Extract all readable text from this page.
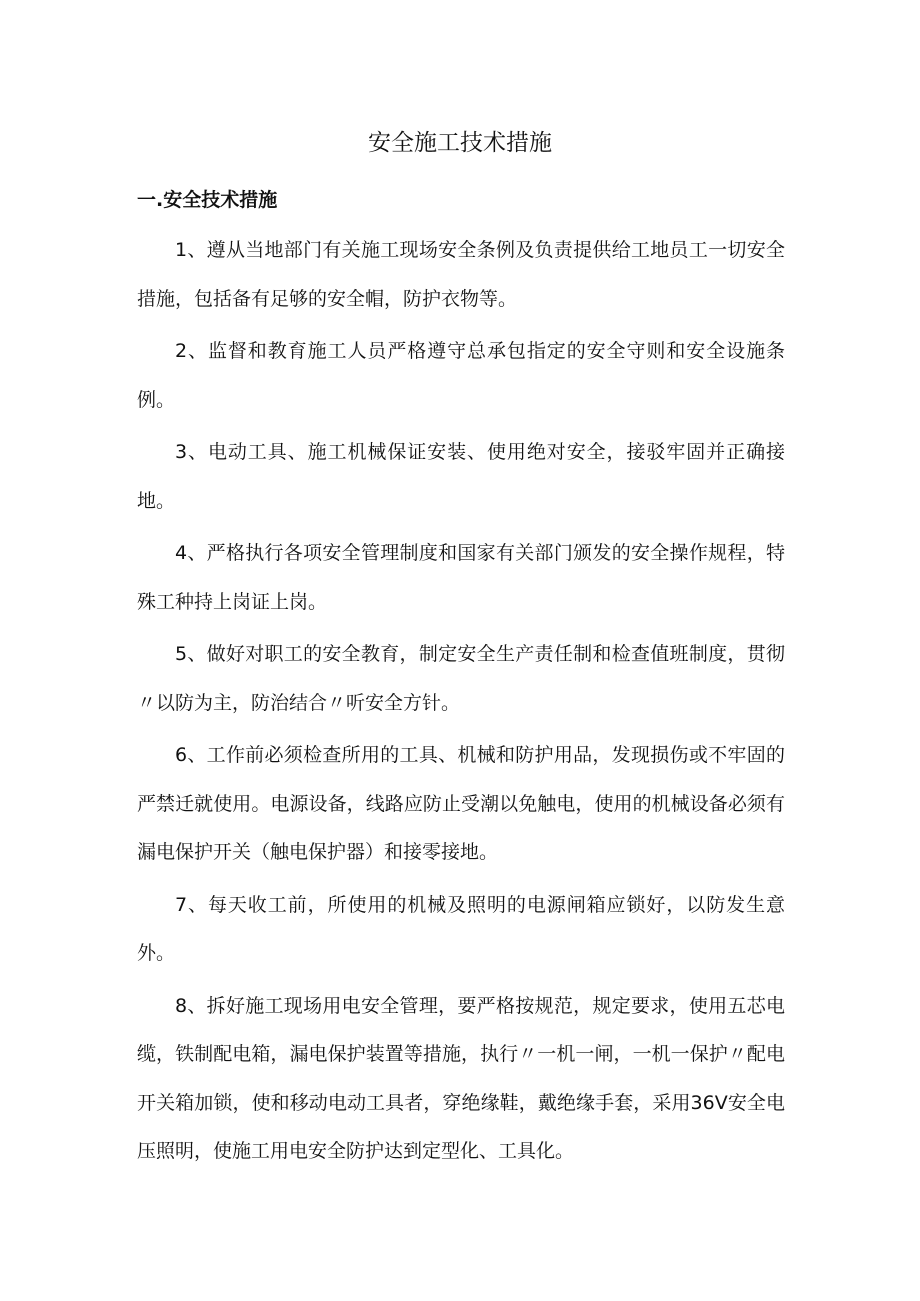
安全施工技术措施
一.安全技术措施

1、遵从当地部门有关施工现场安全条例及负责提供给工地员工一切安全措施，包括备有足够的安全帽，防护衣物等。

2、监督和教育施工人员严格遵守总承包指定的安全守则和安全设施条例。

3、电动工具、施工机械保证安装、使用绝对安全，接驳牢固并正确接地。

4、严格执行各项安全管理制度和国家有关部门颁发的安全操作规程，特殊工种持上岗证上岗。

5、做好对职工的安全教育，制定安全生产责任制和检查值班制度，贯彻〃以防为主，防治结合〃听安全方针。

6、工作前必须检查所用的工具、机械和防护用品，发现损伤或不牢固的严禁迁就使用。电源设备，线路应防止受潮以免触电，使用的机械设备必须有漏电保护开关（触电保护器）和接零接地。

7、每天收工前，所使用的机械及照明的电源闸箱应锁好，以防发生意外。

8、拆好施工现场用电安全管理，要严格按规范，规定要求，使用五芯电缆，铁制配电箱，漏电保护装置等措施，执行〃一机一闸，一机一保护〃配电开关箱加锁，使和移动电动工具者，穿绝缘鞋，戴绝缘手套，采用36V安全电压照明，使施工用电安全防护达到定型化、工具化。
